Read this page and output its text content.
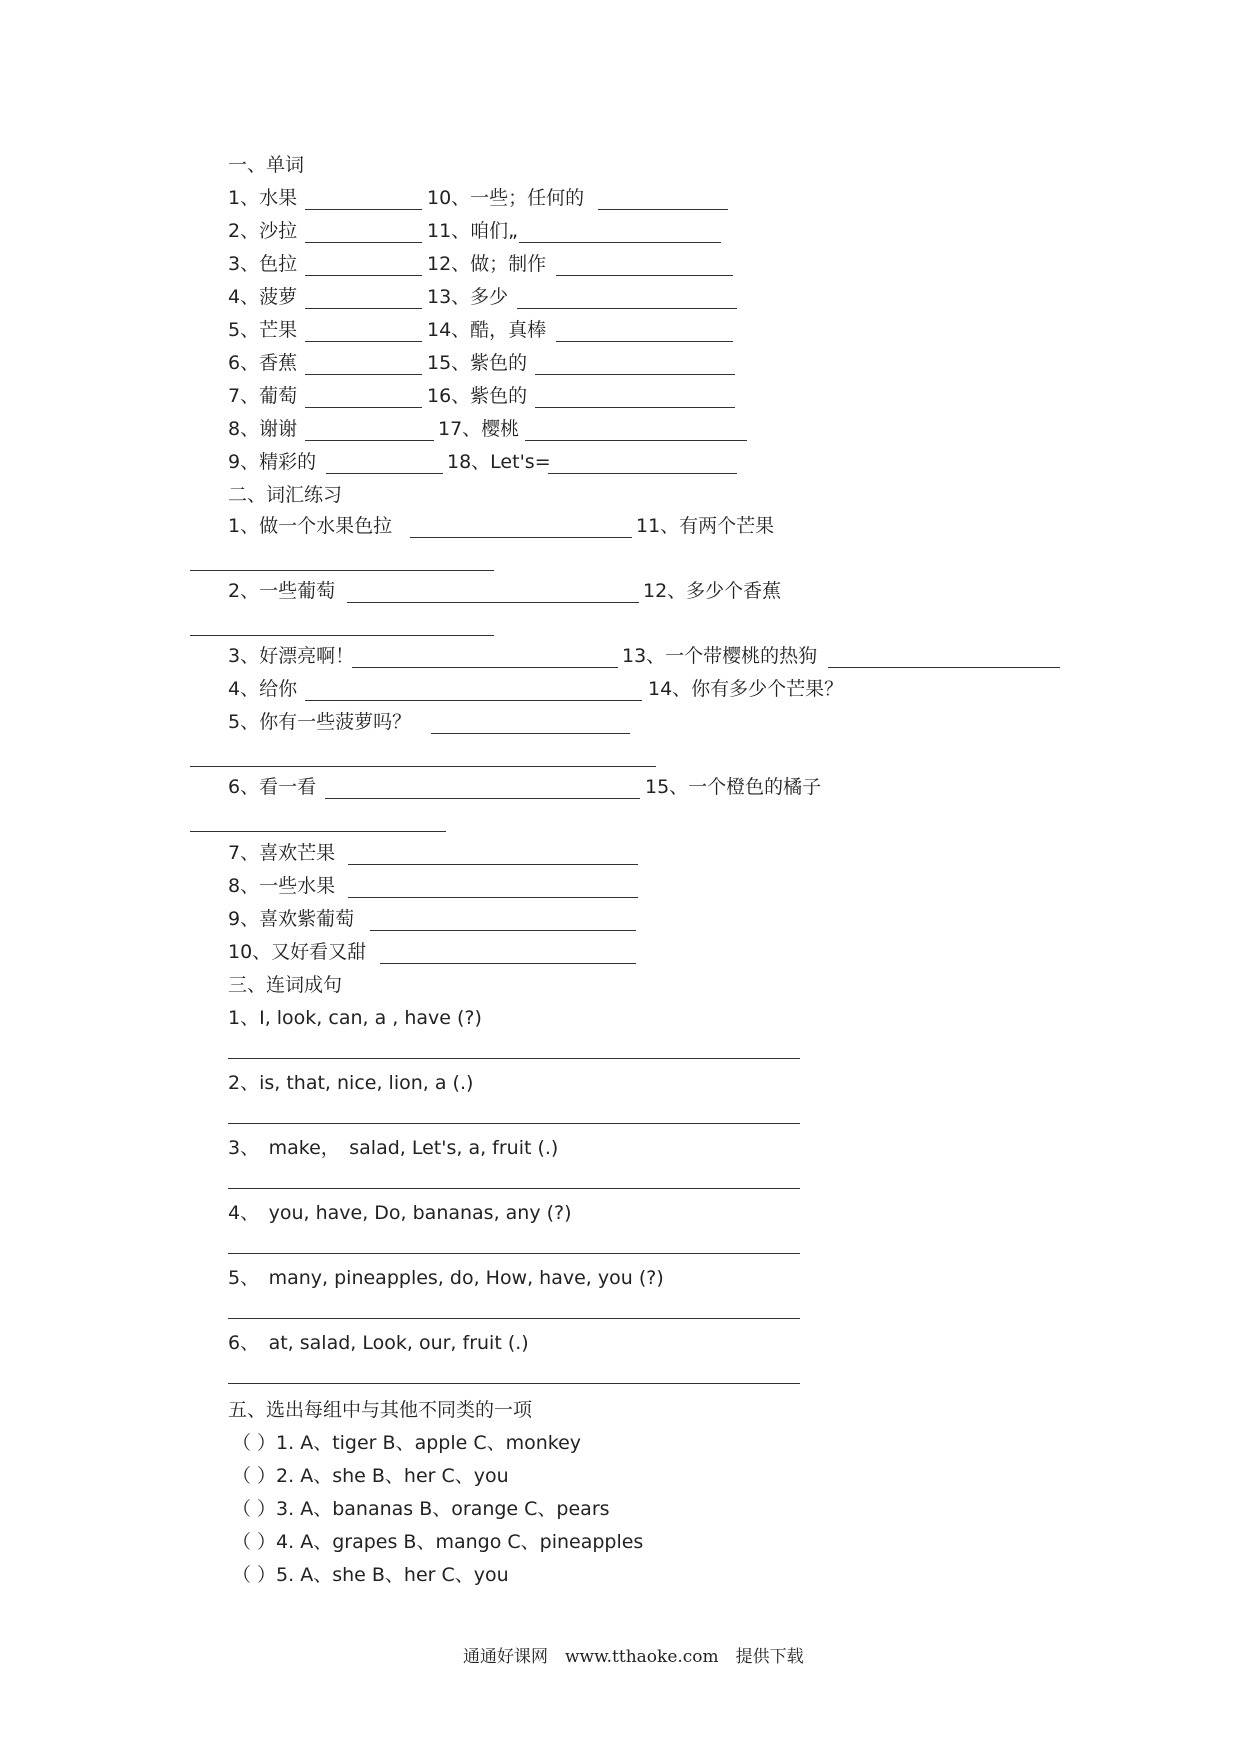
一、单词
1、水果	10、一些；任何的
2、沙拉	11、咱们„
3、色拉	12、做；制作
4、菠萝	13、多少
5、芒果	14、酷，真棒
6、香蕉	15、紫色的
7、葡萄	16、紫色的
8、谢谢	17、樱桃
9、精彩的	18、Let's=
二、词汇练习
1、做一个水果色拉	11、有两个芒果
2、一些葡萄	12、多少个香蕉
3、好漂亮啊！	13、一个带樱桃的热狗
4、给你	14、你有多少个芒果？
5、你有一些菠萝吗？
6、看一看	15、一个橙色的橘子
7、喜欢芒果
8、一些水果
9、喜欢紫葡萄
10、又好看又甜
三、连词成句
1、I, look, can, a , have (?)
2、is, that, nice, lion, a (.)
3、　make，　salad, Let's, a, fruit (.)
4、　you, have, Do, bananas, any (?)
5、　many, pineapples, do, How, have, you (?)
6、　at, salad, Look, our, fruit (.)
五、选出每组中与其他不同类的一项
（ ）1. A、tiger B、apple C、monkey
（ ）2. A、she B、her C、you
（ ）3. A、bananas B、orange C、pears
（ ）4. A、grapes B、mango C、pineapples
（ ）5. A、she B、her C、you
通通好课网　www.tthaoke.com　提供下载
